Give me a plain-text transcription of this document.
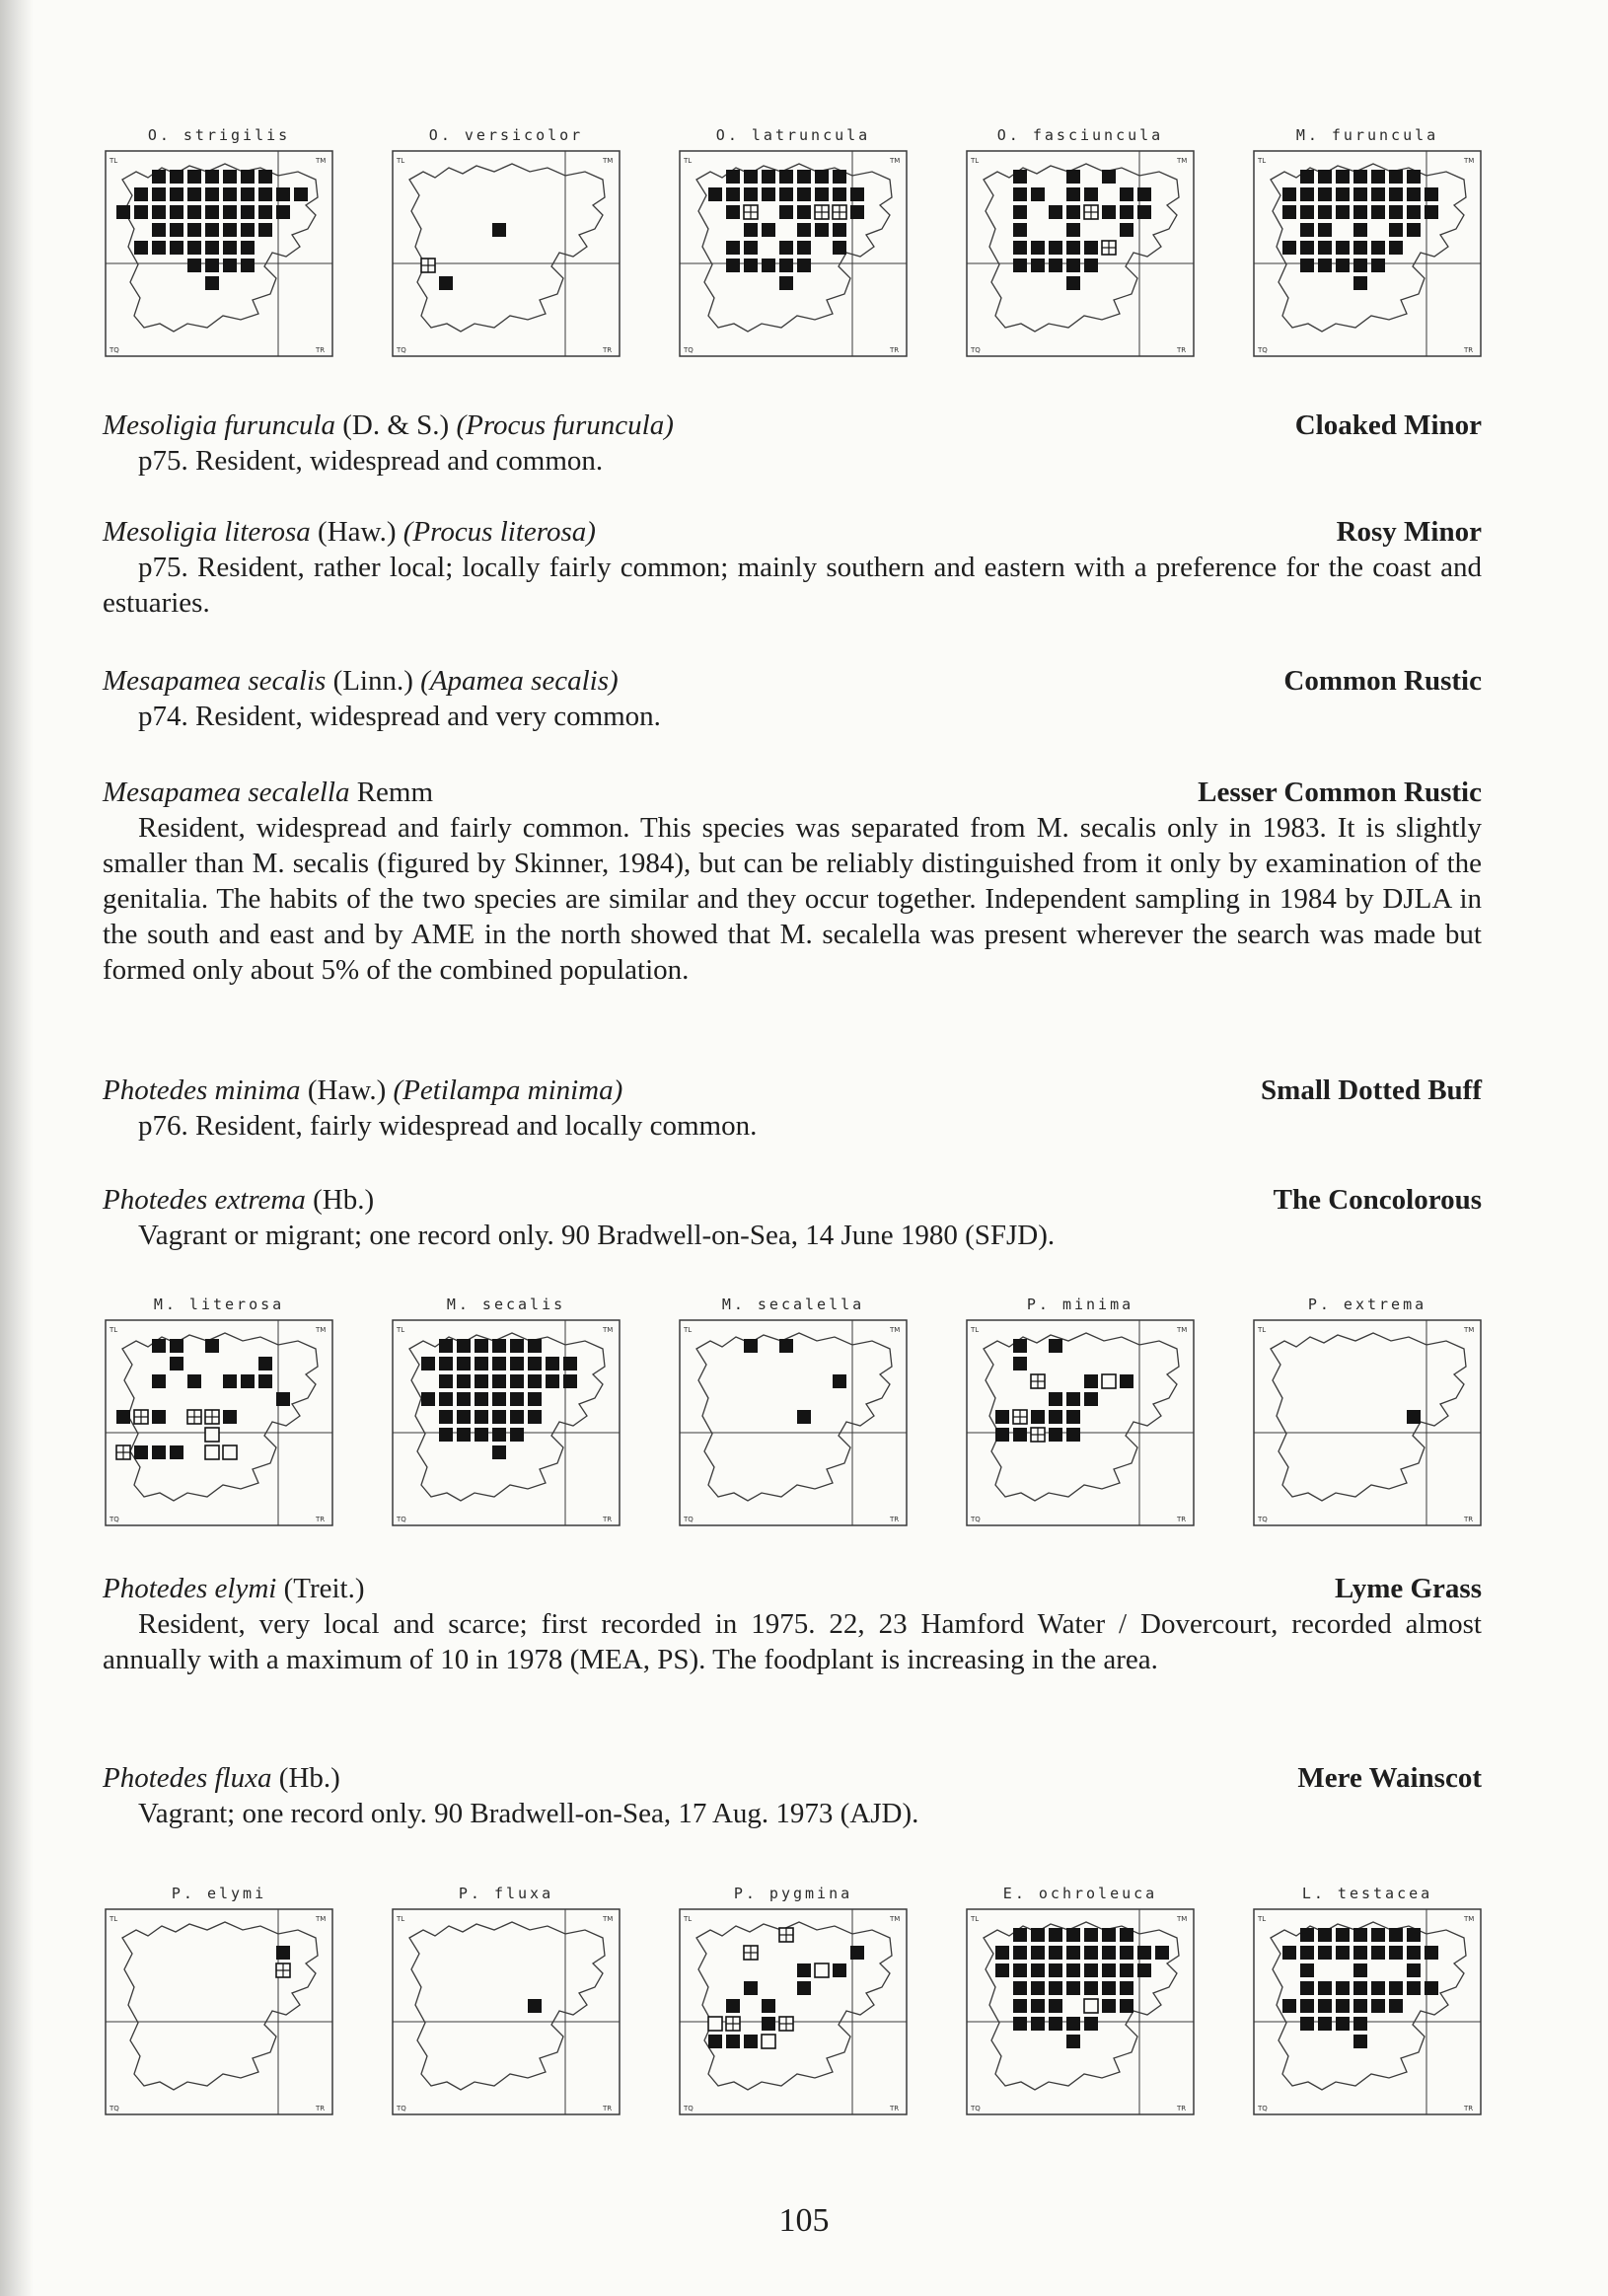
O. strigilis
TL	TM
TQ	TR
O. versicolor
TL	TM
TQ	TR
O. latruncula
TL	TM
TQ	TR
O. fasciuncula
TL	TM
TQ	TR
M. furuncula
TL	TM
TQ	TR
Mesoligia furuncula (D. & S.) (Procus furuncula)	Cloaked Minor
p75. Resident, widespread and common.
Mesoligia literosa (Haw.) (Procus literosa)	Rosy Minor
p75. Resident, rather local; locally fairly common; mainly southern and eastern with a preference for the coast and estuaries.
Mesapamea secalis (Linn.) (Apamea secalis)	Common Rustic
p74. Resident, widespread and very common.
Mesapamea secalella Remm	Lesser Common Rustic
Resident, widespread and fairly common. This species was separated from M. secalis only in 1983. It is slightly smaller than M. secalis (figured by Skinner, 1984), but can be reliably distinguished from it only by examination of the genitalia. The habits of the two species are similar and they occur together. Independent sampling in 1984 by DJLA in the south and east and by AME in the north showed that M. secalella was present wherever the search was made but formed only about 5% of the combined population.
Photedes minima (Haw.) (Petilampa minima)	Small Dotted Buff
p76. Resident, fairly widespread and locally common.
Photedes extrema (Hb.)	The Concolorous
Vagrant or migrant; one record only. 90 Bradwell-on-Sea, 14 June 1980 (SFJD).
M. literosa
TL	TM
TQ	TR
M. secalis
TL	TM
TQ	TR
M. secalella
TL	TM
TQ	TR
P. minima
TL	TM
TQ	TR
P. extrema
TL	TM
TQ	TR
Photedes elymi (Treit.)	Lyme Grass
Resident, very local and scarce; first recorded in 1975. 22, 23 Hamford Water / Dovercourt, recorded almost annually with a maximum of 10 in 1978 (MEA, PS). The foodplant is increasing in the area.
Photedes fluxa (Hb.)	Mere Wainscot
Vagrant; one record only. 90 Bradwell-on-Sea, 17 Aug. 1973 (AJD).
P. elymi
TL	TM
TQ	TR
P. fluxa
TL	TM
TQ	TR
P. pygmina
TL	TM
TQ	TR
E. ochroleuca
TL	TM
TQ	TR
L. testacea
TL	TM
TQ	TR
105
